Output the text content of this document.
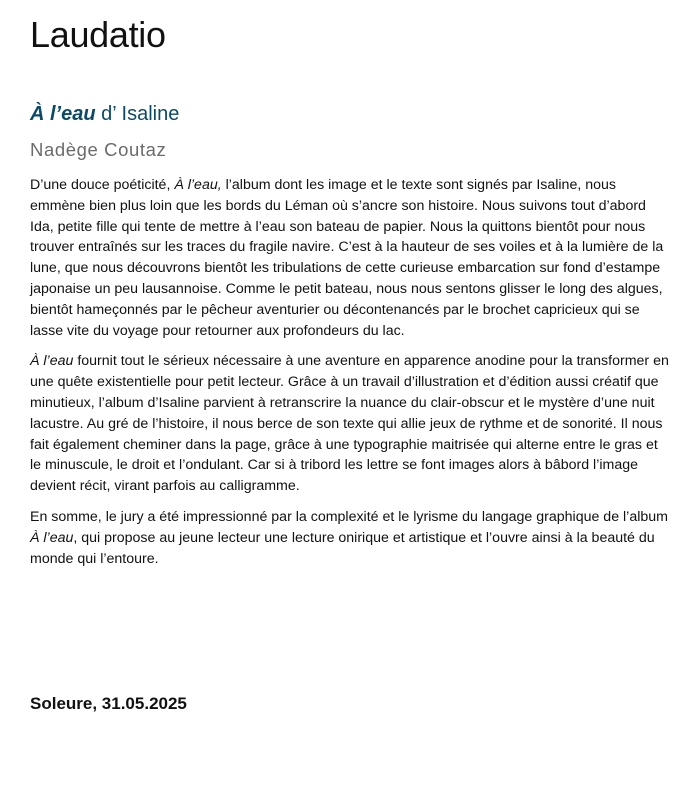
Laudatio
À l’eau d’ Isaline
Nadège Coutaz

D’une douce poéticité, À l’eau, l’album dont les image et le texte sont signés par Isaline, nous emmène bien plus loin que les bords du Léman où s’ancre son histoire. Nous suivons tout d’abord Ida, petite fille qui tente de mettre à l’eau son bateau de papier. Nous la quittons bientôt pour nous trouver entraînés sur les traces du fragile navire. C’est à la hauteur de ses voiles et à la lumière de la lune, que nous découvrons bientôt les tribulations de cette curieuse embarcation sur fond d’estampe japonaise un peu lausannoise. Comme le petit bateau, nous nous sentons glisser le long des algues, bientôt hameçonnés par le pêcheur aventurier ou décontenancés par le brochet capricieux qui se lasse vite du voyage pour retourner aux profondeurs du lac.

À l’eau fournit tout le sérieux nécessaire à une aventure en apparence anodine pour la transformer en une quête existentielle pour petit lecteur. Grâce à un travail d’illustration et d’édition aussi créatif que minutieux, l’album d’Isaline parvient à retranscrire la nuance du clair-obscur et le mystère d’une nuit lacustre. Au gré de l’histoire, il nous berce de son texte qui allie jeux de rythme et de sonorité. Il nous fait également cheminer dans la page, grâce à une typographie maitrisée qui alterne entre le gras et le minuscule, le droit et l’ondulant. Car si à tribord les lettre se font images alors à bâbord l’image devient récit, virant parfois au calligramme.

En somme, le jury a été impressionné par la complexité et le lyrisme du langage graphique de l’album À l’eau, qui propose au jeune lecteur une lecture onirique et artistique et l’ouvre ainsi à la beauté du monde qui l’entoure.

Soleure, 31.05.2025
